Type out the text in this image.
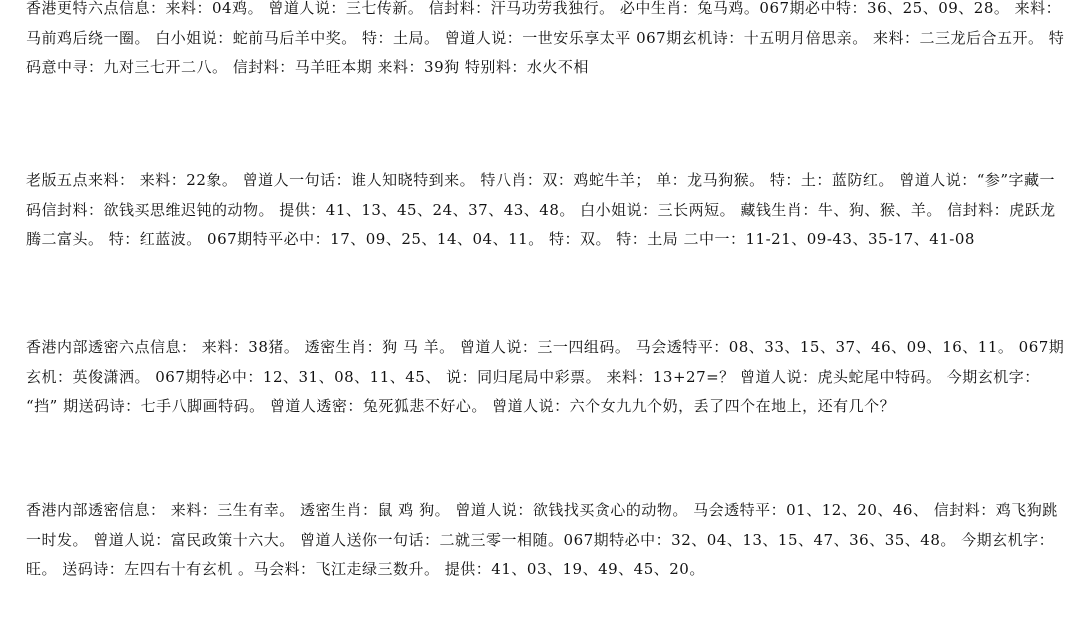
香港更特六点信息：来料：04鸡。 曾道人说：三七传新。 信封料：汗马功劳我独行。 必中生肖：兔马鸡。067期必中特：36、25、09、28。 来料：马前鸡后绕一圈。 白小姐说：蛇前马后羊中奖。 特：土局。 曾道人说：一世安乐享太平 067期玄机诗：十五明月倍思亲。 来料：二三龙后合五开。 特码意中寻：九对三七开二八。 信封料：马羊旺本期 来料：39狗 特别料：水火不相
老版五点来料： 来料：22象。 曾道人一句话：谁人知晓特到来。 特八肖：双：鸡蛇牛羊； 单：龙马狗猴。 特：土：蓝防红。 曾道人说：“参”字藏一码信封料：欲钱买思维迟钝的动物。 提供：41、13、45、24、37、43、48。 白小姐说：三长两短。 藏钱生肖：牛、狗、猴、羊。 信封料：虎跃龙腾二富头。 特：红蓝波。 067期特平必中：17、09、25、14、04、11。 特：双。 特：土局 二中一：11-21、09-43、35-17、41-08
香港内部透密六点信息： 来料：38猪。 透密生肖：狗 马 羊。 曾道人说：三一四组码。 马会透特平：08、33、15、37、46、09、16、11。 067期玄机：英俊潇洒。 067期特必中：12、31、08、11、45、 说：同归尾局中彩票。 来料：13+27=？ 曾道人说：虎头蛇尾中特码。 今期玄机字： “挡” 期送码诗：七手八脚画特码。 曾道人透密：兔死狐悲不好心。 曾道人说：六个女九九个奶，丢了四个在地上，还有几个？
香港内部透密信息： 来料：三生有幸。 透密生肖：鼠 鸡 狗。 曾道人说：欲钱找买贪心的动物。 马会透特平：01、12、20、46、 信封料：鸡飞狗跳一时发。 曾道人说：富民政策十六大。 曾道人送你一句话：二就三零一相随。067期特必中：32、04、13、15、47、36、35、48。 今期玄机字：旺。 送码诗：左四右十有玄机 。马会料：飞江走绿三数升。 提供：41、03、19、49、45、20。
